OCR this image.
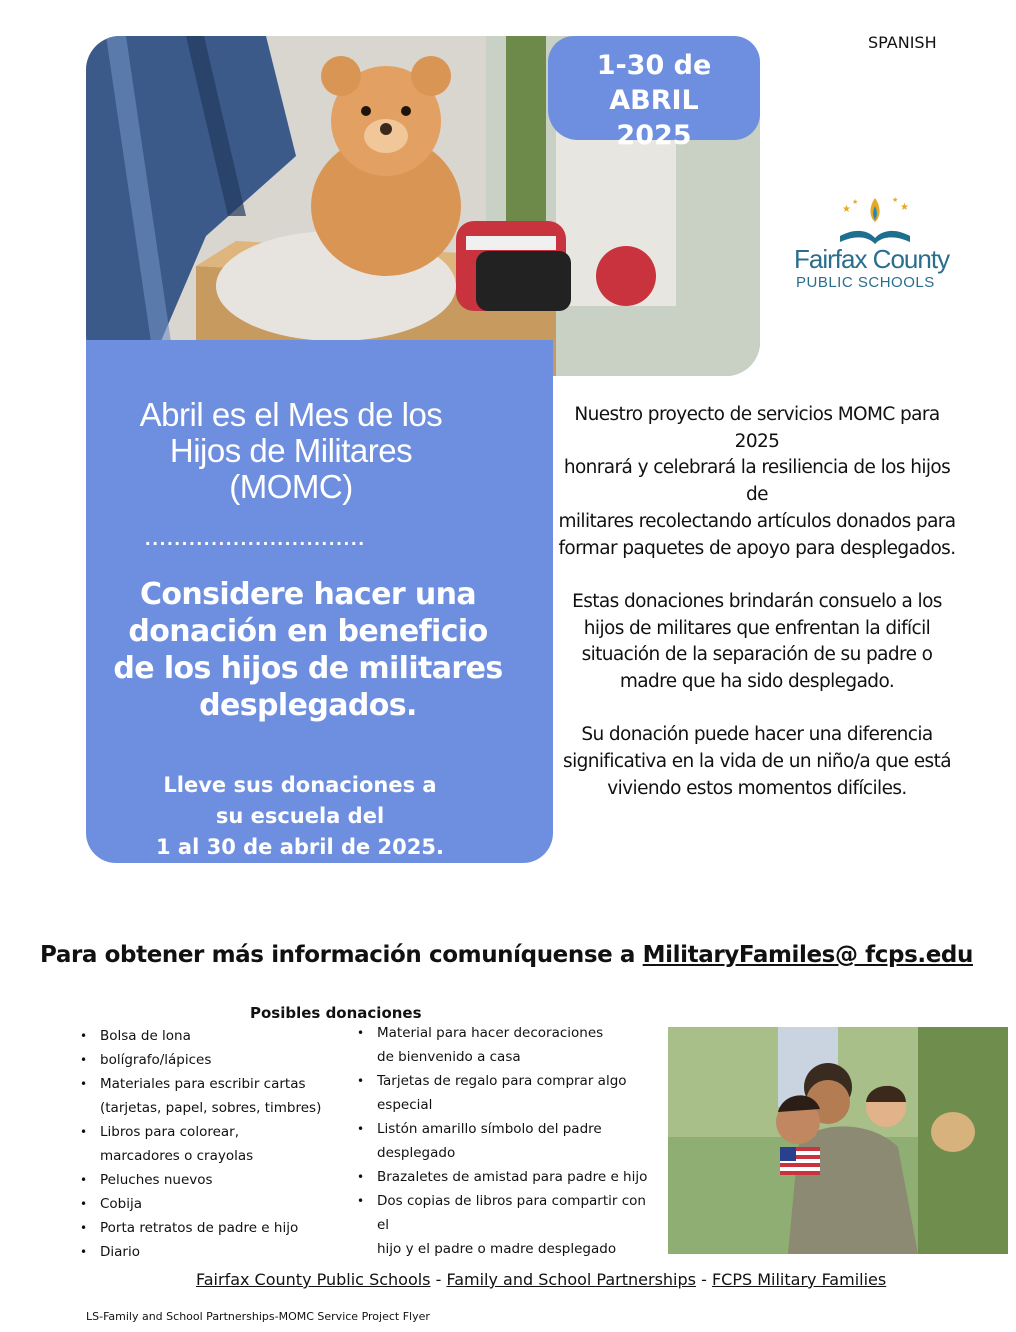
1-30 de ABRIL
2025
SPANISH
★	★
★	★
Fairfax County
PUBLIC SCHOOLS
Abril es el Mes de los
Hijos de Militares
(MOMC)
..............................
Considere hacer una
donación en beneficio
de los hijos de militares
desplegados.
Lleve sus donaciones a
su escuela del
1 al 30 de abril de 2025.

Nuestro proyecto de servicios MOMC para 2025
honrará y celebrará la resiliencia de los hijos de
militares recolectando artículos donados para
formar paquetes de apoyo para desplegados.

Estas donaciones brindarán consuelo a los
hijos de militares que enfrentan la difícil
situación de la separación de su padre o
madre que ha sido desplegado.

Su donación puede hacer una diferencia
significativa en la vida de un niño/a que está
viviendo estos momentos difíciles.

Para obtener más información comuníquense a MilitaryFamiles@ fcps.edu
Posibles donaciones
• Bolsa de lona
• bolígrafo/lápices
• Materiales para escribir cartas
(tarjetas, papel, sobres, timbres)
• Libros para colorear,
marcadores o crayolas
• Peluches nuevos
• Cobija
• Porta retratos de padre e hijo
• Diario
• Material para hacer decoraciones
de bienvenido a casa
• Tarjetas de regalo para comprar algo especial
• Listón amarillo símbolo del padre desplegado
• Brazaletes de amistad para padre e hijo
• Dos copias de libros para compartir con el
hijo y el padre o madre desplegado
Fairfax County Public Schools - Family and School Partnerships - FCPS Military Families
LS-Family and School Partnerships-MOMC Service Project Flyer
